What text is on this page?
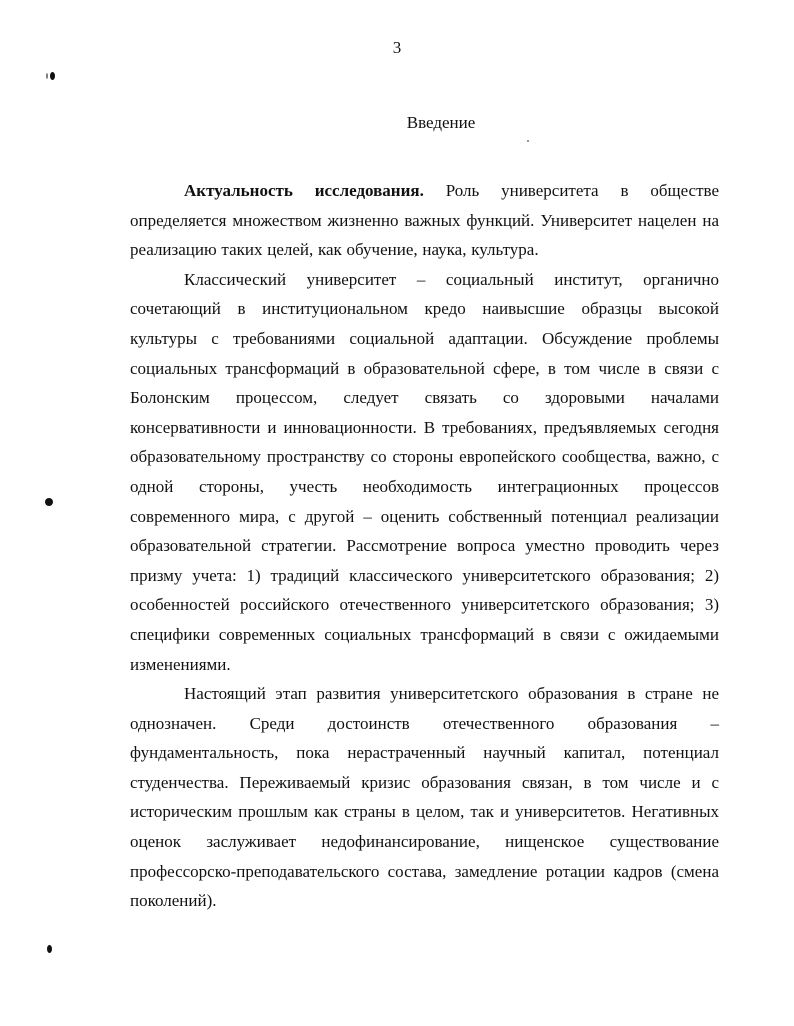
3
Введение

Актуальность исследования. Роль университета в обществе определяется множеством жизненно важных функций. Университет нацелен на реализацию таких целей, как обучение, наука, культура.

Классический университет – социальный институт, органично сочетающий в институциональном кредо наивысшие образцы высокой культуры с требованиями социальной адаптации. Обсуждение проблемы социальных трансформаций в образовательной сфере, в том числе в связи с Болонским процессом, следует связать со здоровыми началами консервативности и инновационности. В требованиях, предъявляемых сегодня образовательному пространству со стороны европейского сообщества, важно, с одной стороны, учесть необходимость интеграционных процессов современного мира, с другой – оценить собственный потенциал реализации образовательной стратегии. Рассмотрение вопроса уместно проводить через призму учета: 1) традиций классического университетского образования; 2) особенностей российского отечественного университетского образования; 3) специфики современных социальных трансформаций в связи с ожидаемыми изменениями.

Настоящий этап развития университетского образования в стране не однозначен. Среди достоинств отечественного образования – фундаментальность, пока нерастраченный научный капитал, потенциал студенчества. Переживаемый кризис образования связан, в том числе и с историческим прошлым как страны в целом, так и университетов. Негативных оценок заслуживает недофинансирование, нищенское существование профессорско-преподавательского состава, замедление ротации кадров (смена поколений).
